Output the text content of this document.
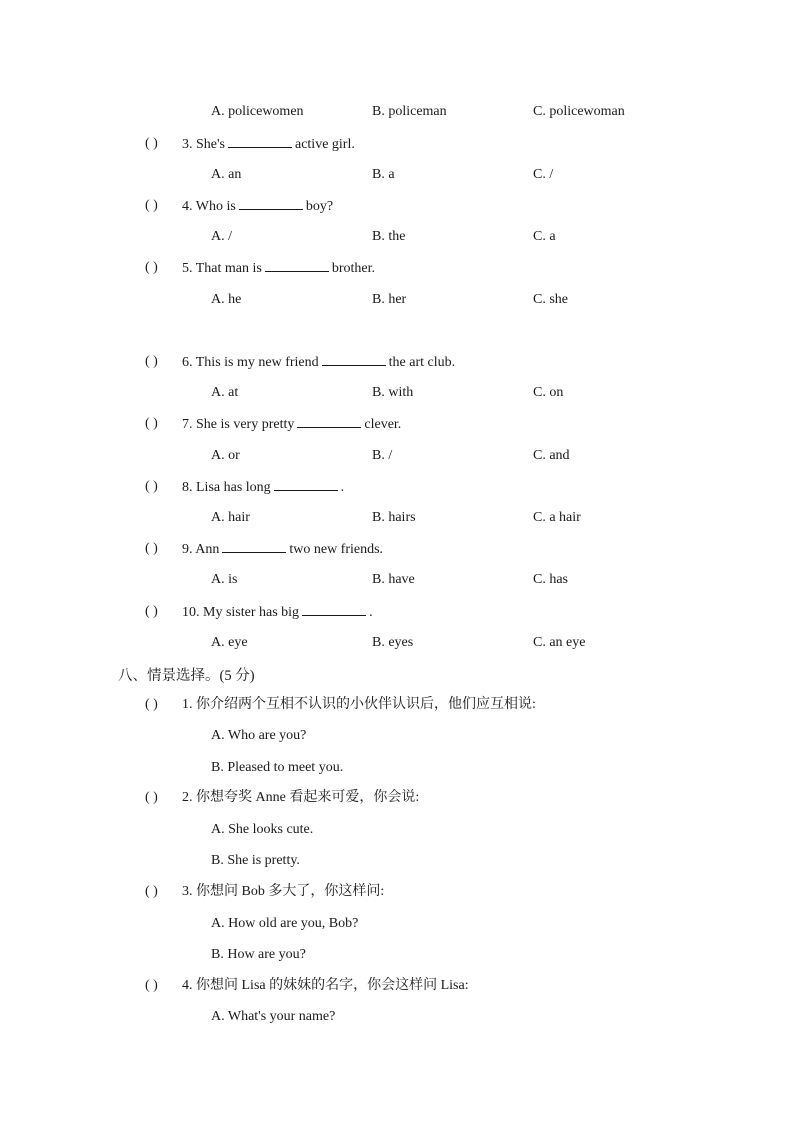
A. policewomen	B. policeman	C. policewoman
( ) 3. She's	active girl.
A. an	B. a	C. /
( ) 4. Who is	boy?
A. /	B. the	C. a
( ) 5. That man is	brother.
A. he	B. her	C. she
( ) 6. This is my new friend	the art club.
A. at	B. with	C. on
( ) 7. She is very pretty	clever.
A. or	B. /	C. and
( ) 8. Lisa has long	.
A. hair	B. hairs	C. a hair
( ) 9. Ann	two new friends.
A. is	B. have	C. has
( ) 10. My sister has big	.
A. eye	B. eyes	C. an eye
八、情景选择。(5 分)
( ) 1. 你介绍两个互相不认识的小伙伴认识后，他们应互相说:
A. Who are you?
B. Pleased to meet you.
( ) 2. 你想夸奖 Anne 看起来可爱，你会说:
A. She looks cute.
B. She is pretty.
( ) 3. 你想问 Bob 多大了，你这样问:
A. How old are you, Bob?
B. How are you?
( ) 4. 你想问 Lisa 的妹妹的名字，你会这样问 Lisa:
A. What's your name?
